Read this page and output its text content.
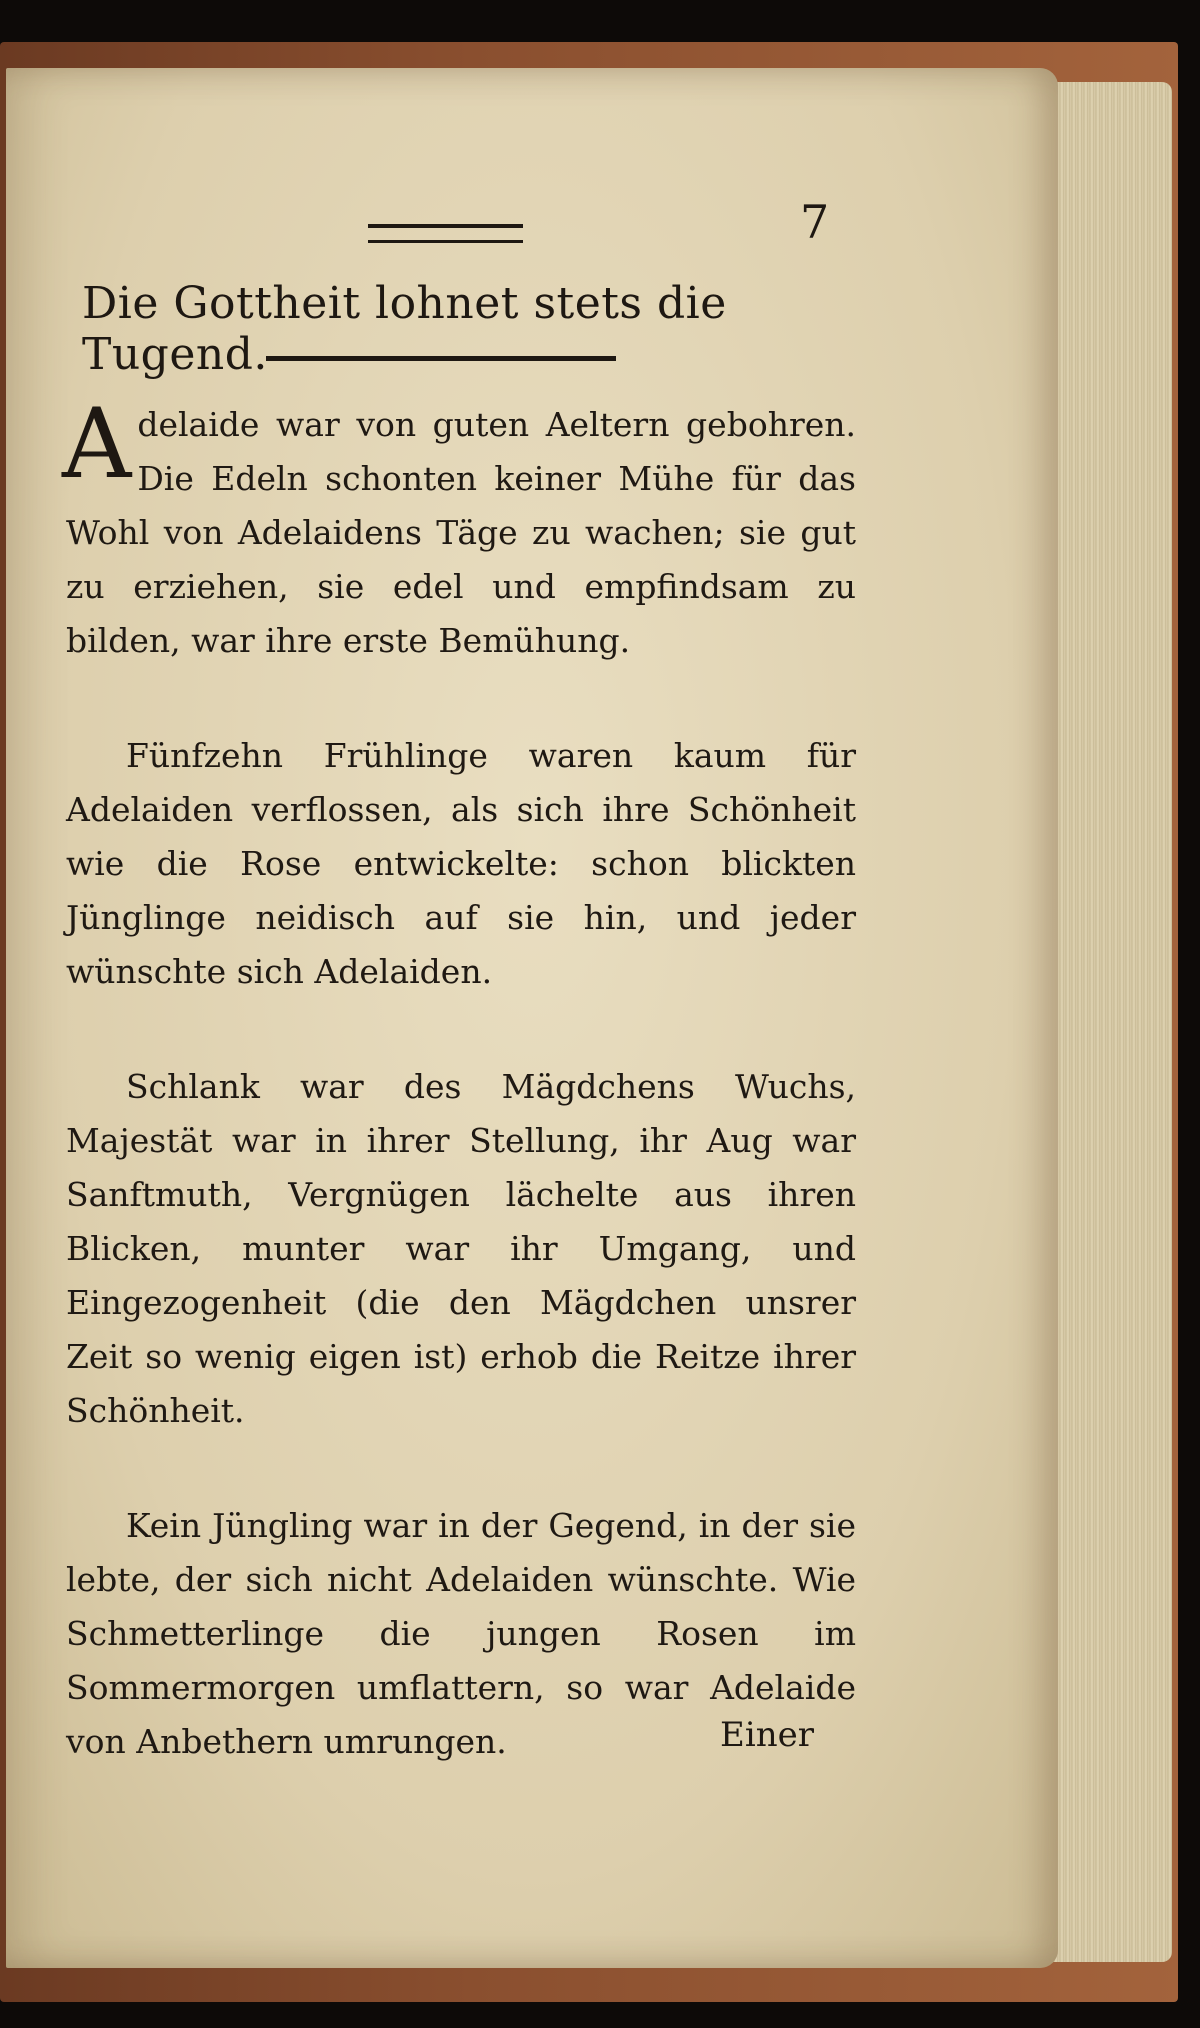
7
Die Gottheit lohnet stets die Tugend.

Adelaide war von guten Aeltern gebohren. Die Edeln schonten keiner Mühe für das Wohl von Adelaidens Täge zu wachen; sie gut zu erziehen, sie edel und empfindsam zu bilden, war ihre erste Bemühung.

Fünfzehn Frühlinge waren kaum für Adelaiden verflossen, als sich ihre Schönheit wie die Rose entwickelte: schon blickten Jünglinge neidisch auf sie hin, und jeder wünschte sich Adelaiden.

Schlank war des Mägdchens Wuchs, Majestät war in ihrer Stellung, ihr Aug war Sanftmuth, Vergnügen lächelte aus ihren Blicken, munter war ihr Umgang, und Eingezogenheit (die den Mägdchen unsrer Zeit so wenig eigen ist) erhob die Reitze ihrer Schönheit.

Kein Jüngling war in der Gegend, in der sie lebte, der sich nicht Adelaiden wünschte. Wie Schmetterlinge die jungen Rosen im Sommermorgen umflattern, so war Adelaide von Anbethern umrungen.	Einer
